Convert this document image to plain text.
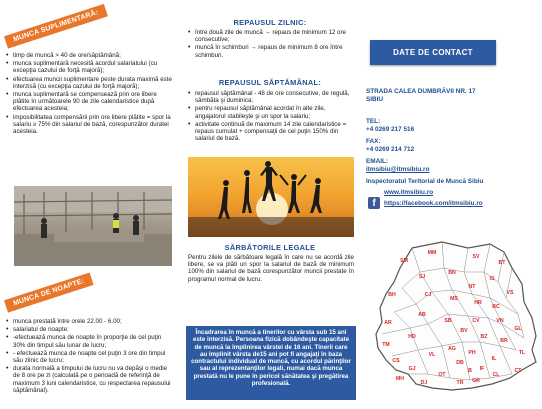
MUNCA SUPLIMENTARĂ:
• timp de muncă > 40 de ore/săptămână;
• munca suplimentară necesită acordul salariatului (cu excepţia cazului de forţă majoră);
• efectuarea muncii suplimentare peste durata maximă este interzisă (cu excepţia cazului de forţă majoră);
• munca suplimentară se compensează prin ore libere plătite în următoarele 90 de zile calendaristice după efectuarea acesteia;
• imposibilitatea compensării prin ore libere plătite = spor la salariu ≥ 75% din salariul de bază, corespunzător duratei acesteia.
MUNCA DE NOAPTE:
• munca prestată între orele 22.00 - 6.00;
• salariatul de noapte:
• -efectuează munca de noapte în proporţie de cel puţin 30% din timpul său lunar de lucru;
• - efectuează munca de noapte cel puţin 3 ore din timpul său zilnic de lucru;
• durata normală a timpului de lucru nu va depăşi o medie de 8 ore pe zi (calculată pe o perioadă de referinţă de maximum 3 luni calendaristice, cu respectarea repausului săptămânal).
REPAUSUL ZILNIC:
• între două zile de muncă → repaus de minimum 12 ore consecutive;
• muncă în schimburi → repaus de minimum 8 ore între schimburi.
REPAUSUL SĂPTĂMÂNAL:
• repausul săptămânal - 48 de ore consecutive, de regulă, sâmbăta şi duminica;
• pentru repausul săptămânal acordat în alte zile, angajatorul stabileşte şi un spor la salariu;
• activitate continuă de maximum 14 zile calendaristice = repaus cumulat + compensaţii de cel puţin 150% din salariul de bază.
SĂRBĂTORILE LEGALE

Pentru zilele de sărbătoare legală în care nu se acordă zile libere, se va plăti un spor la salariul de bază de minimum 100% din salariul de bază corespunzător muncii prestate în programul normal de lucru.

Încadrarea în muncă a tinerilor cu vârsta sub 15 ani este interzisă. Persoana fizică dobândeşte capacitate de muncă la împlinirea vârstei de 16 ani. Tinerii care au împlinit vârsta de15 ani pot fi angajaţi în baza contractului individual de muncă, cu acordul părinţilor sau al reprezentanţilor legali, numai dacă munca prestată nu le pune în pericol sănătatea şi pregătirea profesională.
DATE DE CONTACT
STRADA CALEA DUMBRĂVII NR. 17
SIBIU
TEL:
+4 0269 217 516
FAX:
+4 0269 214 712
EMAIL:
itmsibiu@itmsibiu.ro
Inspectoratul Teritorial de Muncă Sibiu
www.itmsibiu.ro
f	https://facebook.com/itmsibiu.ro
SM
MM
SV
BT
SJ
BN
IS
BH	CJ
NT
VS
MS
HR
BC
AR
AB
SB	CV	VN
GL
BV
TM
HD	BZ
BR
CS
VL
AG
PH
IL
TL
GJ
DB
B IF	CT
MH
OT
TR GR
CL
DJ
